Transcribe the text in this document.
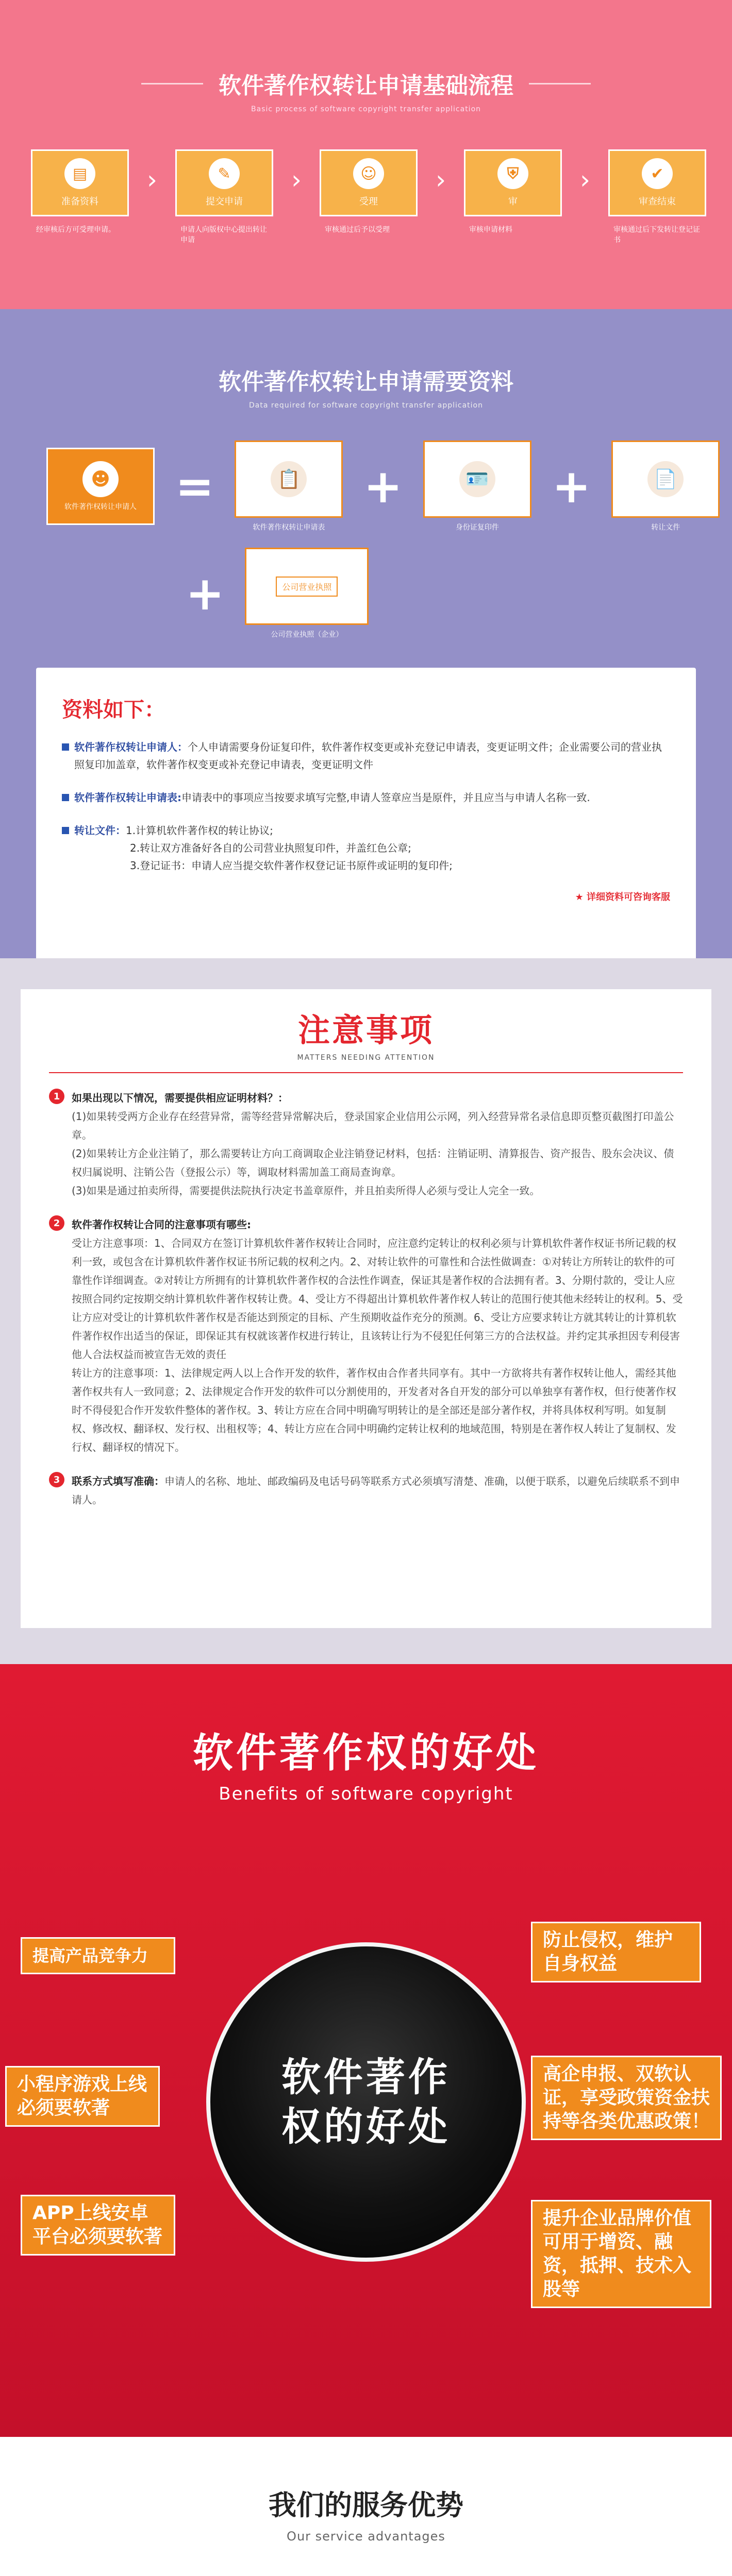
软件著作权转让申请基础流程
Basic process of software copyright transfer application
▤
准备资料
经审核后方可受理申请。
›	✎
提交申请
申请人向版权中心提出转让申请
›	☺
受理
审核通过后予以受理
›	⛨
审
审核申请材料
›	✔
审查结束
审核通过后下发转让登记证书
软件著作权转让申请需要资料
Data required for software copyright transfer application
☻
软件著作权转让申请人 =	📋
软件著作权转让申请表
+	🪪
身份证复印件
+	📄
转让文件
+	公司营业执照
公司营业执照（企业）
资料如下：
软件著作权转让申请人：个人申请需要身份证复印件，软件著作权变更或补充登记申请表，变更证明文件；企业需要公司的营业执照复印加盖章，软件著作权变更或补充登记申请表，变更证明文件
软件著作权转让申请表:申请表中的事项应当按要求填写完整,申请人签章应当是原件，并且应当与申请人名称一致.
转让文件：1.计算机软件著作权的转让协议;
2.转让双方准备好各自的公司营业执照复印件，并盖红色公章;
3.登记证书：申请人应当提交软件著作权登记证书原件或证明的复印件;
★ 详细资料可咨询客服
注意事项
MATTERS NEEDING ATTENTION
1	如果出现以下情况，需要提供相应证明材料？：

(1)如果转受两方企业存在经营异常，需等经营异常解决后，登录国家企业信用公示网，列入经营异常名录信息即页整页截图打印盖公章。

(2)如果转让方企业注销了，那么需要转让方向工商调取企业注销登记材料，包括：注销证明、清算报告、资产报告、股东会决议、债权归属说明、注销公告（登报公示）等，调取材料需加盖工商局查询章。

(3)如果是通过拍卖所得，需要提供法院执行决定书盖章原件，并且拍卖所得人必须与受让人完全一致。

2	软件著作权转让合同的注意事项有哪些:

受让方注意事项：1、合同双方在签订计算机软件著作权转让合同时，应注意约定转让的权利必须与计算机软件著作权证书所记载的权利一致，或包含在计算机软件著作权证书所记载的权利之内。2、对转让软件的可靠性和合法性做调查：①对转让方所转让的软件的可靠性作详细调查。②对转让方所拥有的计算机软件著作权的合法性作调查，保证其是著作权的合法拥有者。3、分期付款的，受让人应按照合同约定按期交纳计算机软件著作权转让费。4、受让方不得超出计算机软件著作权人转让的范围行使其他未经转让的权利。5、受让方应对受让的计算机软件著作权是否能达到预定的目标、产生预期收益作充分的预测。6、受让方应要求转让方就其转让的计算机软件著作权作出适当的保证，即保证其有权就该著作权进行转让，且该转让行为不侵犯任何第三方的合法权益。并约定其承担因专利侵害他人合法权益而被宣告无效的责任

转让方的注意事项：1、法律规定两人以上合作开发的软件，著作权由合作者共同享有。其中一方欲将共有著作权转让他人，需经其他著作权共有人一致同意；2、法律规定合作开发的软件可以分割使用的，开发者对各自开发的部分可以单独享有著作权，但行使著作权时不得侵犯合作开发软件整体的著作权。3、转让方应在合同中明确写明转让的是全部还是部分著作权，并将具体权利写明。如复制权、修改权、翻译权、发行权、出租权等；4、转让方应在合同中明确约定转让权利的地域范围，特别是在著作权人转让了复制权、发行权、翻译权的情况下。

3	联系方式填写准确：申请人的名称、地址、邮政编码及电话号码等联系方式必须填写清楚、准确，以便于联系，以避免后续联系不到申请人。

软件著作权的好处
Benefits of software copyright
软件著作权的好处
提高产品竞争力
防止侵权，维护自身权益
小程序游戏上线必须要软著
高企申报、双软认证，享受政策资金扶持等各类优惠政策！
APP上线安卓平台必须要软著
提升企业品牌价值可用于增资、融资，抵押、技术入股等
我们的服务优势
Our service advantages
